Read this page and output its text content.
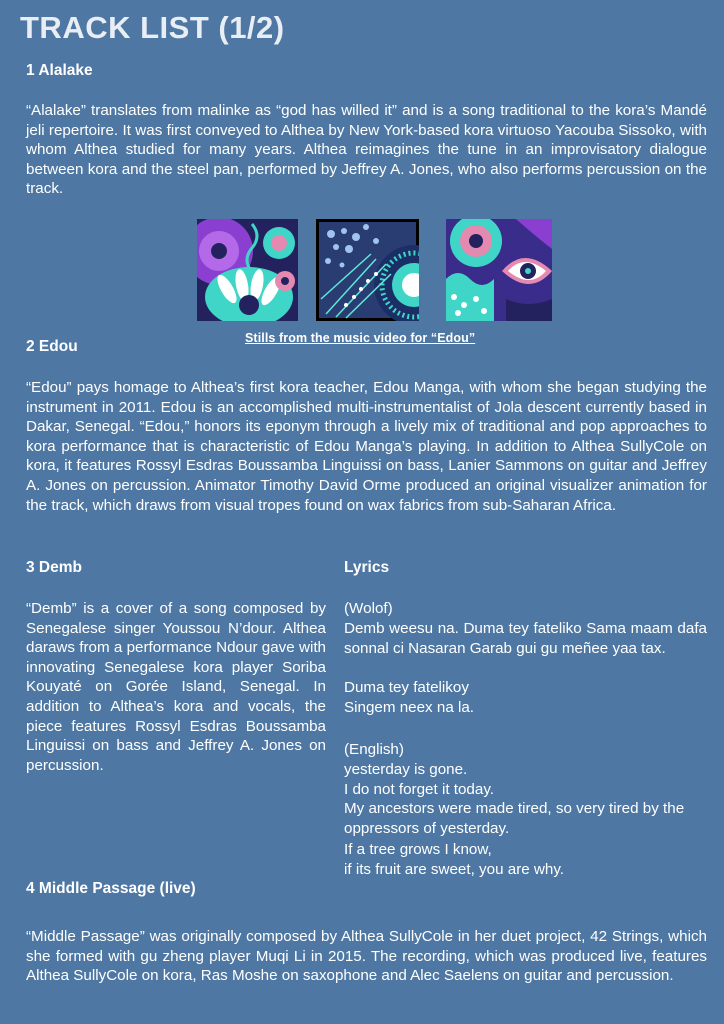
TRACK LIST (1/2)
1 Alalake
“Alalake” translates from malinke as “god has willed it” and is a song traditional to the kora’s Mandé jeli repertoire. It was first conveyed to Althea by New York-based kora virtuoso Yacouba Sissoko, with whom Althea studied for many years. Althea reimagines the tune in an improvisatory dialogue between kora and the steel pan, performed by Jeffrey A. Jones, who also performs percussion on the track.
Stills from the music video for “Edou”
2 Edou
“Edou” pays homage to Althea’s first kora teacher, Edou Manga, with whom she began studying the instrument in 2011. Edou is an accomplished multi-instrumentalist of Jola descent currently based in Dakar, Senegal. “Edou,” honors its eponym through a lively mix of traditional and pop approaches to kora performance that is characteristic of Edou Manga’s playing. In addition to Althea SullyCole on kora, it features Rossyl Esdras Boussamba Linguissi on bass, Lanier Sammons on guitar and Jeffrey A. Jones on percussion. Animator Timothy David Orme produced an original visualizer animation for the track, which draws from visual tropes found on wax fabrics from sub-Saharan Africa.
3 Demb
“Demb” is a cover of a song composed by Senegalese singer Youssou N’dour. Althea daraws from a performance Ndour gave with innovating Senegalese kora player Soriba Kouyaté on Gorée Island, Senegal. In addition to Althea’s kora and vocals, the piece features Rossyl Esdras Boussamba Linguissi on bass and Jeffrey A. Jones on percussion.
Lyrics
(Wolof)
Demb weesu na. Duma tey fateliko Sama maam dafa sonnal ci Nasaran Garab gui gu meñee yaa tax.
Duma tey fatelikoy
Singem neex na la.
(English)
yesterday is gone.
I do not forget it today.
My ancestors were made tired, so very tired by the oppressors of yesterday.
If a tree grows I know,
if its fruit are sweet, you are why.
4 Middle Passage (live)
“Middle Passage” was originally composed by Althea SullyCole in her duet project, 42 Strings, which she formed with gu zheng player Muqi Li in 2015. The recording, which was produced live, features Althea SullyCole on kora, Ras Moshe on saxophone and Alec Saelens on guitar and percussion.
